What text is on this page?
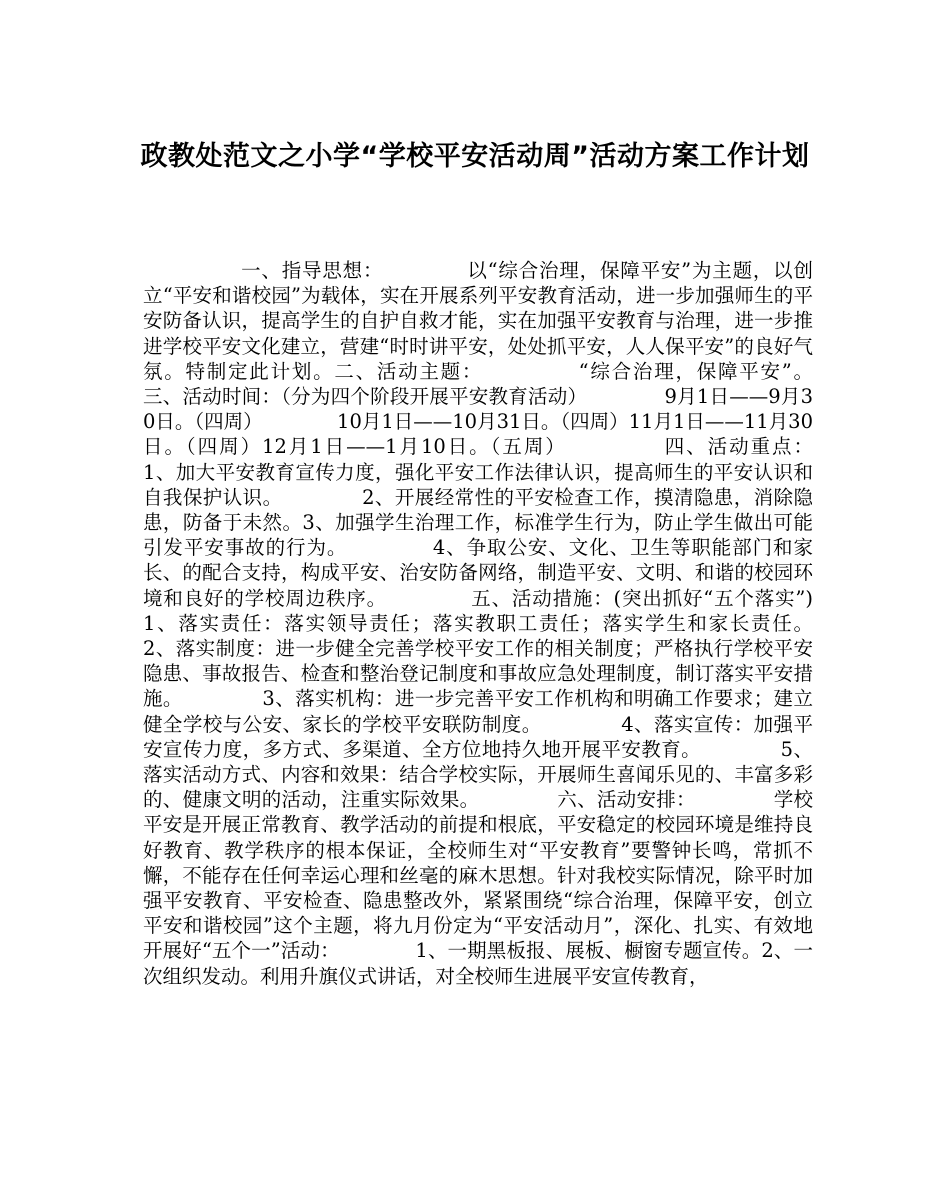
政教处范文之小学“学校平安活动周”活动方案工作计划

一、指导思想：            以“综合治理，保障平安”为主题，以创立“平安和谐校园”为载体，实在开展系列平安教育活动，进一步加强师生的平安防备认识，提高学生的自护自救才能，实在加强平安教育与治理，进一步推进学校平安文化建立，营建“时时讲平安，处处抓平安，人人保平安”的良好气氛。特制定此计划。二、活动主题：            “综合治理，保障平安”。            三、活动时间：（分为四个阶段开展平安教育活动）            9月1日——9月30日。（四周）            10月1日——10月31日。（四周）11月1日——11月30日。（四周）12月1日——1月10日。（五周）            四、活动重点：            1、加大平安教育宣传力度，强化平安工作法律认识，提高师生的平安认识和自我保护认识。            2、开展经常性的平安检查工作，摸清隐患，消除隐患，防备于未然。3、加强学生治理工作，标准学生行为，防止学生做出可能引发平安事故的行为。            4、争取公安、文化、卫生等职能部门和家长、的配合支持，构成平安、治安防备网络，制造平安、文明、和谐的校园环境和良好的学校周边秩序。            五、活动措施：(突出抓好“五个落实”)            1、落实责任：落实领导责任；落实教职工责任；落实学生和家长责任。            2、落实制度：进一步健全完善学校平安工作的相关制度；严格执行学校平安隐患、事故报告、检查和整治登记制度和事故应急处理制度，制订落实平安措施。            3、落实机构：进一步完善平安工作机构和明确工作要求；建立健全学校与公安、家长的学校平安联防制度。            4、落实宣传：加强平安宣传力度，多方式、多渠道、全方位地持久地开展平安教育。            5、落实活动方式、内容和效果：结合学校实际，开展师生喜闻乐见的、丰富多彩的、健康文明的活动，注重实际效果。            六、活动安排：            学校平安是开展正常教育、教学活动的前提和根底，平安稳定的校园环境是维持良好教育、教学秩序的根本保证，全校师生对“平安教育”要警钟长鸣，常抓不懈，不能存在任何幸运心理和丝毫的麻木思想。针对我校实际情况，除平时加强平安教育、平安检查、隐患整改外，紧紧围绕“综合治理，保障平安，创立平安和谐校园”这个主题，将九月份定为“平安活动月”，深化、扎实、有效地开展好“五个一”活动：            1、一期黑板报、展板、橱窗专题宣传。2、一次组织发动。利用升旗仪式讲话，对全校师生进展平安宣传教育，
